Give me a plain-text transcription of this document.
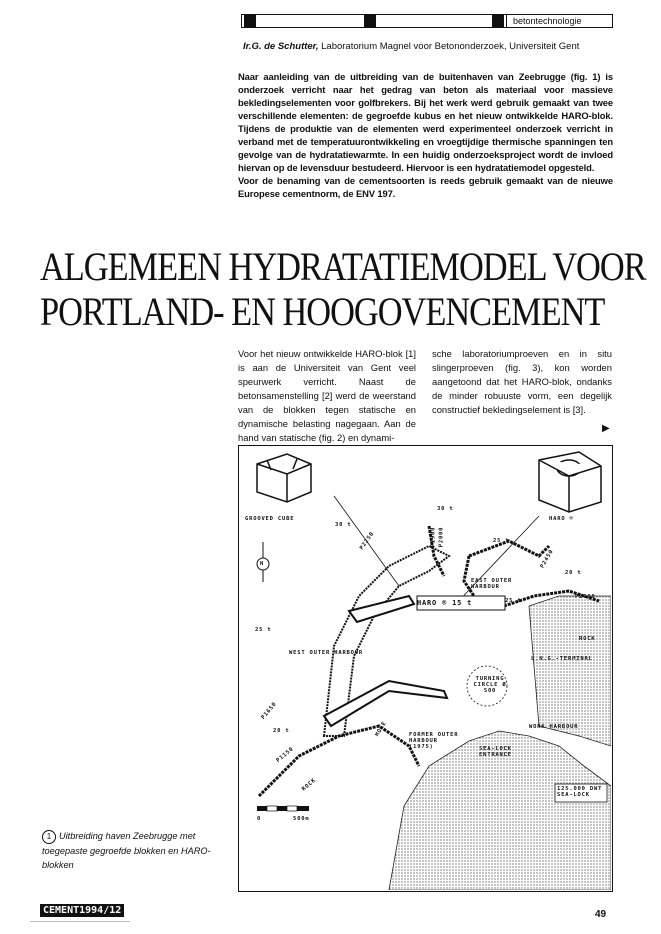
betontechnologie
Ir.G. de Schutter, Laboratorium Magnel voor Betononderzoek, Universiteit Gent

Naar aanleiding van de uitbreiding van de buitenhaven van Zeebrugge (fig. 1) is onderzoek verricht naar het gedrag van beton als materiaal voor massieve bekledingselementen voor golfbrekers. Bij het werk werd gebruik gemaakt van twee verschillende elementen: de gegroefde kubus en het nieuw ontwikkelde HARO-blok. Tijdens de produktie van de elementen werd experimenteel onderzoek verricht in verband met de temperatuurontwikkeling en vroegtijdige thermische spanningen ten gevolge van de hydratatiewarmte. In een huidig onderzoeksproject wordt de invloed hiervan op de levensduur bestudeerd. Hiervoor is een hydratatiemodel opgesteld.

Voor de benaming van de cementsoorten is reeds gebruik gemaakt van de nieuwe Europese cementnorm, de ENV 197.

ALGEMEEN HYDRATATIEMODEL VOOR
PORTLAND- EN HOOGOVENCEMENT

Voor het nieuw ontwikkelde HARO-blok [1] is aan de Universiteit van Gent veel speurwerk verricht. Naast de betonsamenstelling [2] werd de weerstand van de blokken tegen statische en dynamische belasting nagegaan. Aan de hand van statische (fig. 2) en dynami-

sche laboratoriumproeven en in situ slingerproeven (fig. 3), kon worden aangetoond dat het HARO-blok, ondanks de minder robuuste vorm, een degelijk constructief bekledingselement is [3].

▶
GROOVED CUBE	HARO ®
30 t
30 t
25 t
25 t
25 t
20 t
20 t
P2250	P1900 P2000
P2000
P2450
P1650
P1150
EAST OUTER HARBOUR
WEST OUTER HARBOUR
HARO ® 15 t
L.N.G.-TERMINAL
ROCK
ROCK
TURNING CIRCLE Ø 500
WORK HARBOUR
FORMER OUTER HARBOUR (1975)	SEA-LOCK ENTRANCE
125.000 DWT SEA-LOCK
MOLE
N
0	500m
1 Uitbreiding haven Zeebrugge met toegepaste gegroefde blokken en HARO-blokken
CEMENT1994/12	49
